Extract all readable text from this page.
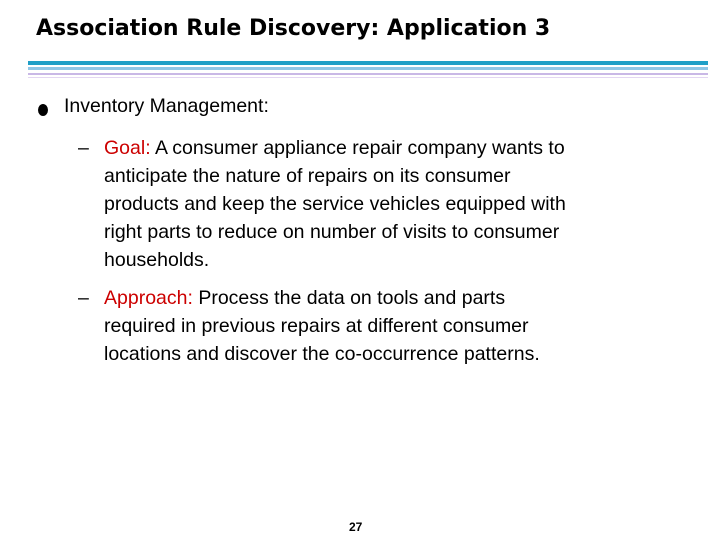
Association Rule Discovery: Application 3
Inventory Management:
– Goal: A consumer appliance repair company wants to
anticipate the nature of repairs on its consumer
products and keep the service vehicles equipped with
right parts to reduce on number of visits to consumer
households.
– Approach: Process the data on tools and parts
required in previous repairs at different consumer
locations and discover the co-occurrence patterns.
27
